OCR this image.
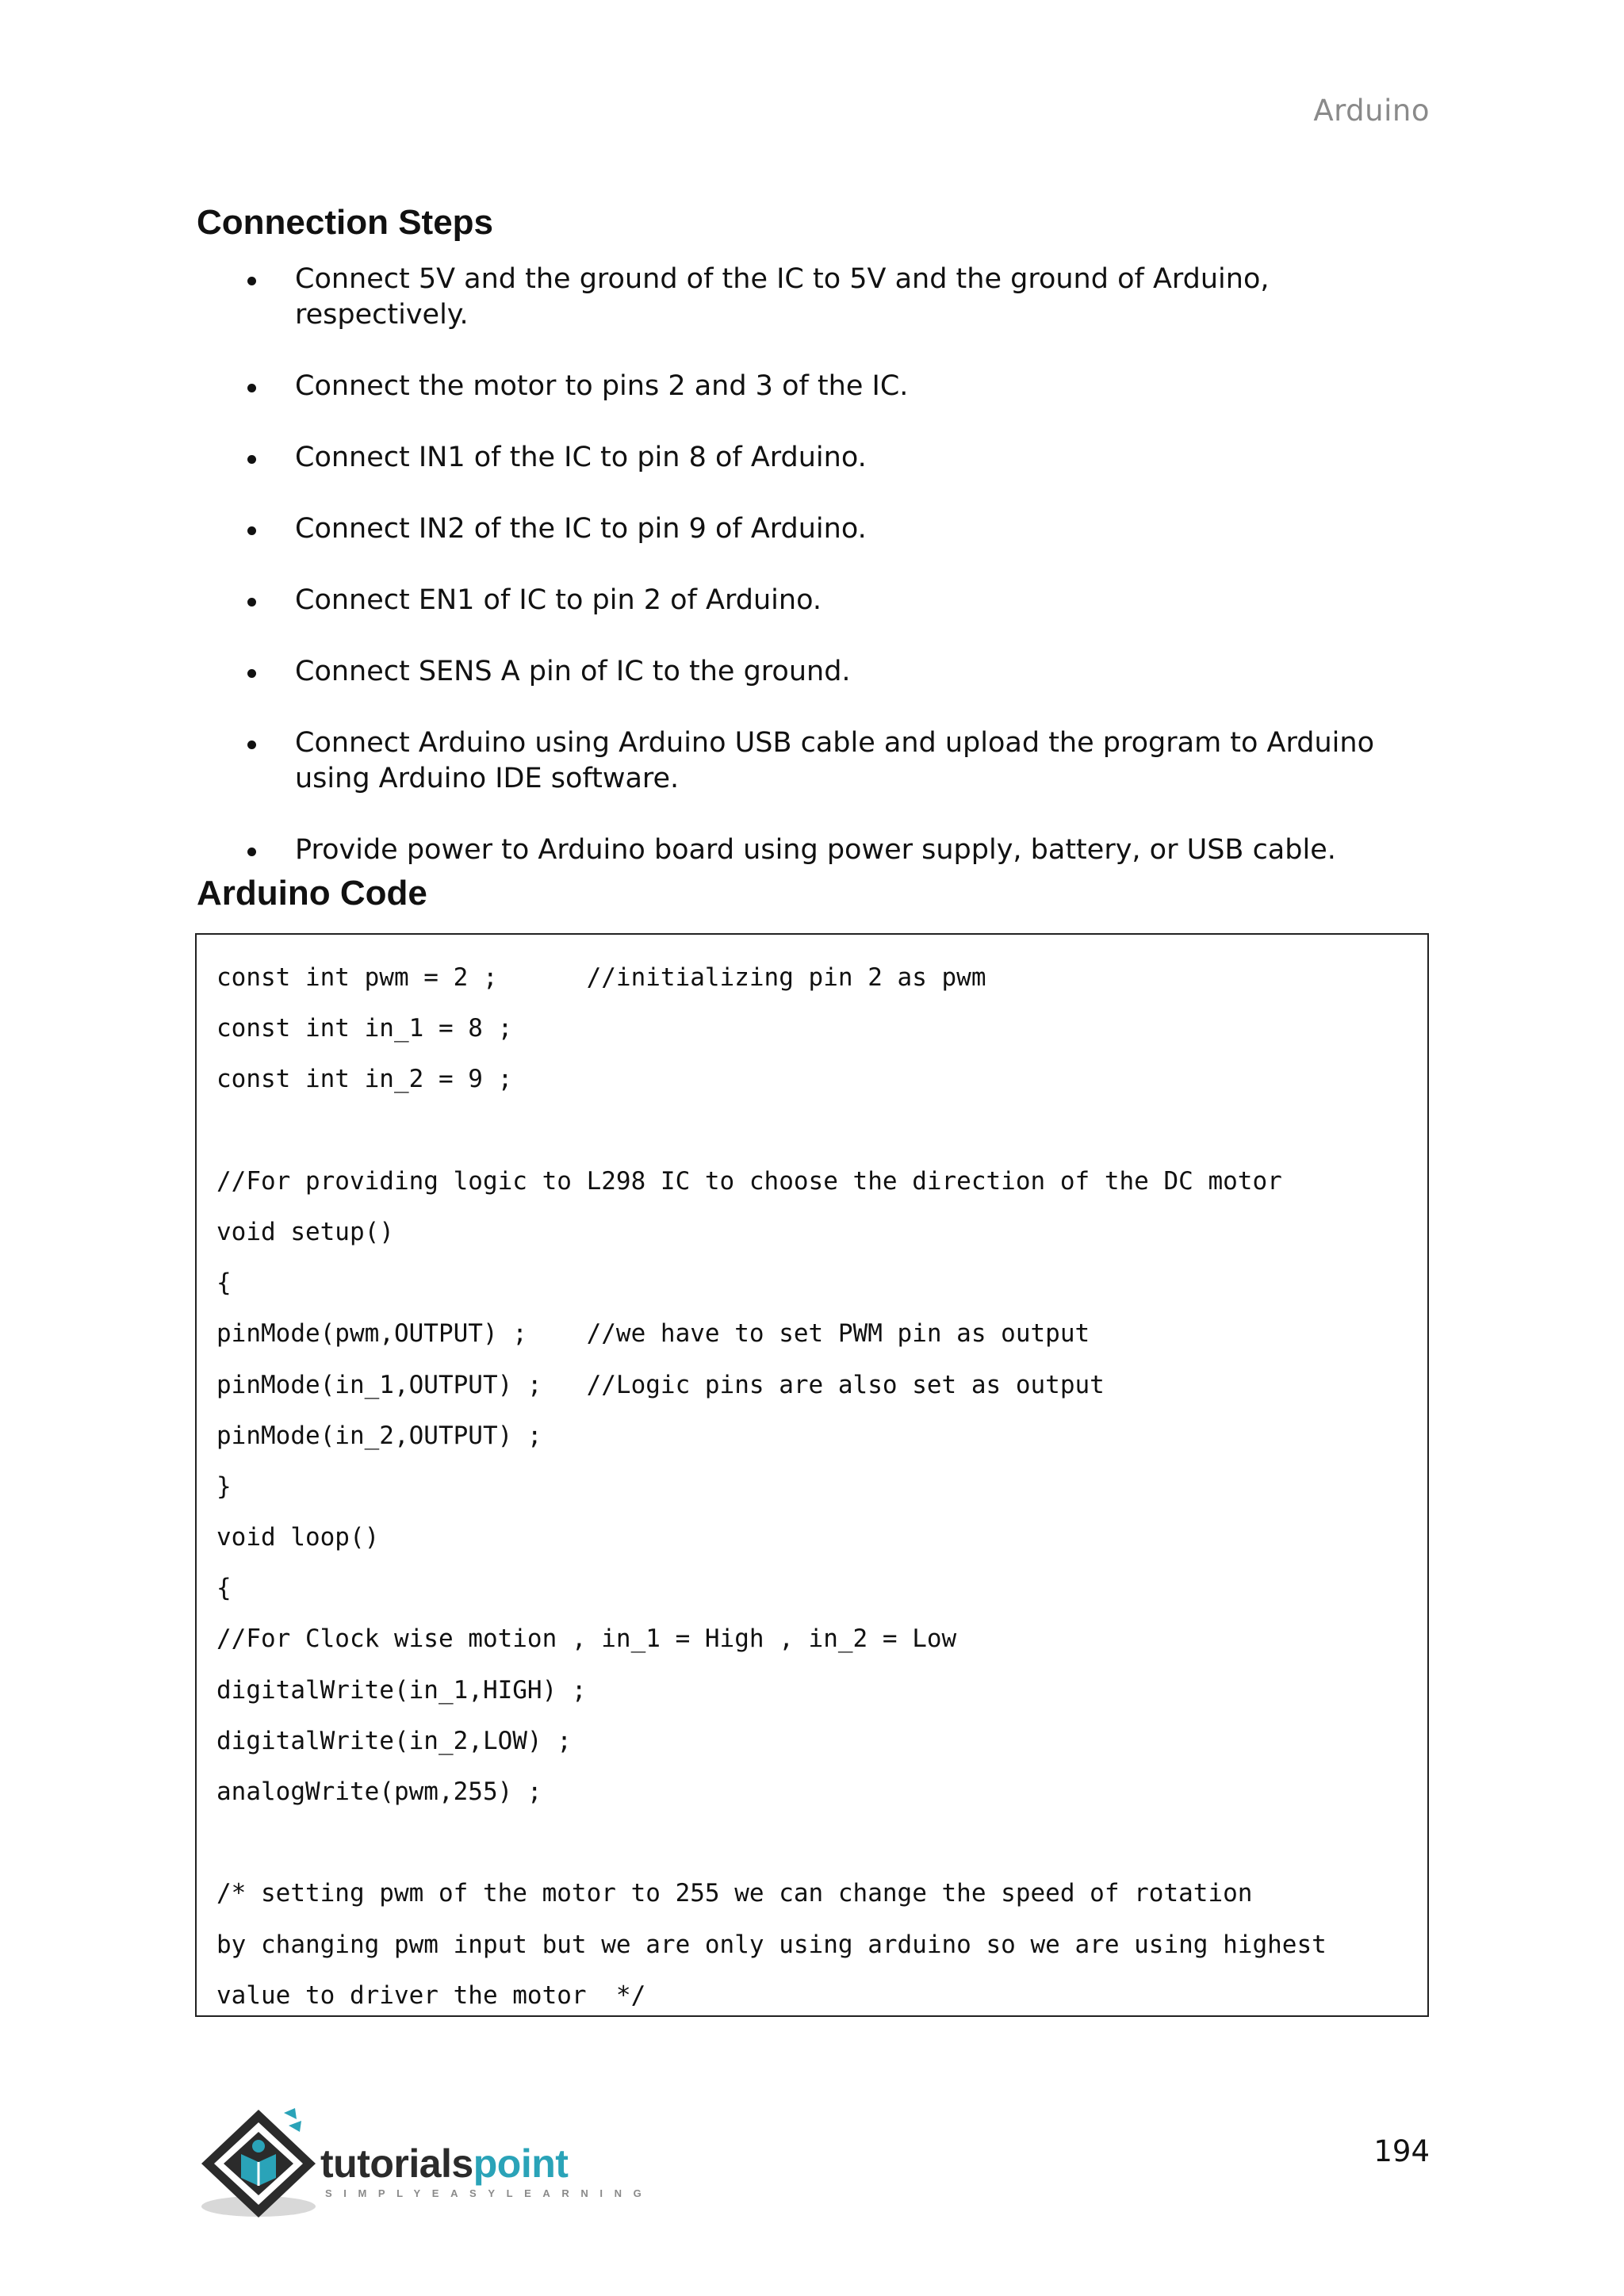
Arduino
Connection Steps
Connect 5V and the ground of the IC to 5V and the ground of Arduino, respectively.
Connect the motor to pins 2 and 3 of the IC.
Connect IN1 of the IC to pin 8 of Arduino.
Connect IN2 of the IC to pin 9 of Arduino.
Connect EN1 of IC to pin 2 of Arduino.
Connect SENS A pin of IC to the ground.
Connect Arduino using Arduino USB cable and upload the program to Arduino using Arduino IDE software.
Provide power to Arduino board using power supply, battery, or USB cable.
Arduino Code
const int pwm = 2 ;      //initializing pin 2 as pwm
const int in_1 = 8 ;
const int in_2 = 9 ;
//For providing logic to L298 IC to choose the direction of the DC motor
void setup()
{
pinMode(pwm,OUTPUT) ;    //we have to set PWM pin as output
pinMode(in_1,OUTPUT) ;   //Logic pins are also set as output
pinMode(in_2,OUTPUT) ;
}
void loop()
{
//For Clock wise motion , in_1 = High , in_2 = Low
digitalWrite(in_1,HIGH) ;
digitalWrite(in_2,LOW) ;
analogWrite(pwm,255) ;
/* setting pwm of the motor to 255 we can change the speed of rotation
by changing pwm input but we are only using arduino so we are using highest
value to driver the motor  */
tutorialspoint
SIMPLYEASYLEARNING
194
